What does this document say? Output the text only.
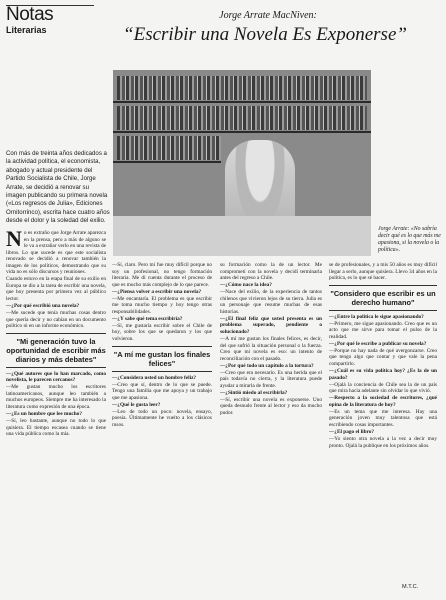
Notas
Literarias
Jorge Arrate MacNiven:
“Escribir una Novela Es Exponerse”
Jorge Arrate: «No sabría decir qué es lo que más me apasiona, si la novela o la política».
Con más de treinta años dedicados a la actividad política, el economista, abogado y actual presidente del Partido Socialista de Chile, Jorge Arrate, se decidió a renovar su imagen publicando su primera novela («Los regresos de Julia», Ediciones Ornitorrinco), escrita hace cuatro años desde el dolor y la soledad del exilio.

No es extraño que Jorge Arrate aparezca en la prensa, pero a más de alguno se le va a extrañar verlo en una revista de libros. Lo que sucede es que este socialista renovado se decidió a renovar también la imagen de los políticos, demostrando que su vida no es sólo discursos y reuniones.

Cuando estuvo en la etapa final de su exilio en Europa se dio a la tarea de escribir una novela, que hoy presenta por primera vez al público lector.

—¿Por qué escribió una novela?

—Me sucede que tenía muchas cosas dentro que quería decir y no cabían en un documento político ni en un informe económico.

"Mi generación tuvo la oportunidad de escribir más diarios y más debates"

—¿Qué autores que lo han marcado, como novelista, le parecen cercanos?

—Me gustan mucho los escritores latinoamericanos, aunque leo también a muchos europeos. Siempre me ha interesado la literatura como expresión de una época.

—¿Es un hombre que lee mucho?

—Sí, leo bastante, aunque no todo lo que quisiera. El tiempo escasea cuando se tiene una vida pública como la mía.

—Sí, claro. Pero mi fue muy difícil porque no soy un profesional, no tengo formación literaria. Me di cuenta durante el proceso de que es mucho más complejo de lo que parece.

—¿Piensa volver a escribir una novela?

—Me encantaría. El problema es que escribir me toma mucho tiempo y hoy tengo otras responsabilidades.

—¿Y sabe qué tema escribiría?

—Sí, me gustaría escribir sobre el Chile de hoy, sobre los que se quedaron y los que volvieron.

"A mí me gustan los finales felices"

—¿Considera usted un hombre feliz?

—Creo que sí, dentro de lo que se puede. Tengo una familia que me apoya y un trabajo que me apasiona.

—¿Qué le gusta leer?

—Leo de todo un poco: novela, ensayo, poesía. Últimamente he vuelto a los clásicos rusos.

su formación como la de un lector. Me comprometí con la novela y decidí terminarla antes del regreso a Chile.

—¿Cómo nace la idea?

—Nace del exilio, de la experiencia de tantos chilenos que vivieron lejos de su tierra. Julia es un personaje que resume muchas de esas historias.

—¿El final feliz que usted presenta es un problema superado, pendiente o solucionado?

—A mí me gustan los finales felices, es decir, del que sufrió la situación personal o la fuerza. Creo que mi novela es eso: un intento de reconciliación con el pasado.

—¿Por qué todo un capítulo a la tortura?

—Creo que era necesario. Es una herida que el país todavía no cierra, y la literatura puede ayudar a mirarla de frente.

—¿Sintió miedo al escribirla?

—Sí, escribir una novela es exponerse. Uno queda desnudo frente al lector y eso da mucho pudor.

se de profesionales, y a mis 50 años es muy difícil llegar a serlo, aunque quisiera. Llevo 34 años en la política, es lo que sé hacer.

"Considero que escribir es un derecho humano"

—¿Entre la política le sigue apasionando?

—Primero, me sigue apasionando. Creo que es un acto que me sirve para tomar el pulso de la realidad.

—¿Por qué le escribe a publicar su novela?

—Porque no hay nada de qué avergonzarse. Creo que tengo algo que contar y que vale la pena compartirlo.

—¿Cuál es su vida política hoy? ¿Es la de un pasado?

—Ojalá la conciencia de Chile sea la de un país que mira hacia adelante sin olvidar lo que vivió.

—Respecto a la sociedad de escritores, ¿qué opina de la literatura de hoy?

—Es un tema que me interesa. Hay una generación joven muy talentosa que está escribiendo cosas importantes.

—¿El pago el libro?

—Yo siento otra novela a la vez a decir muy pronto. Ojalá la publique en los próximos años.

M.T.C.
